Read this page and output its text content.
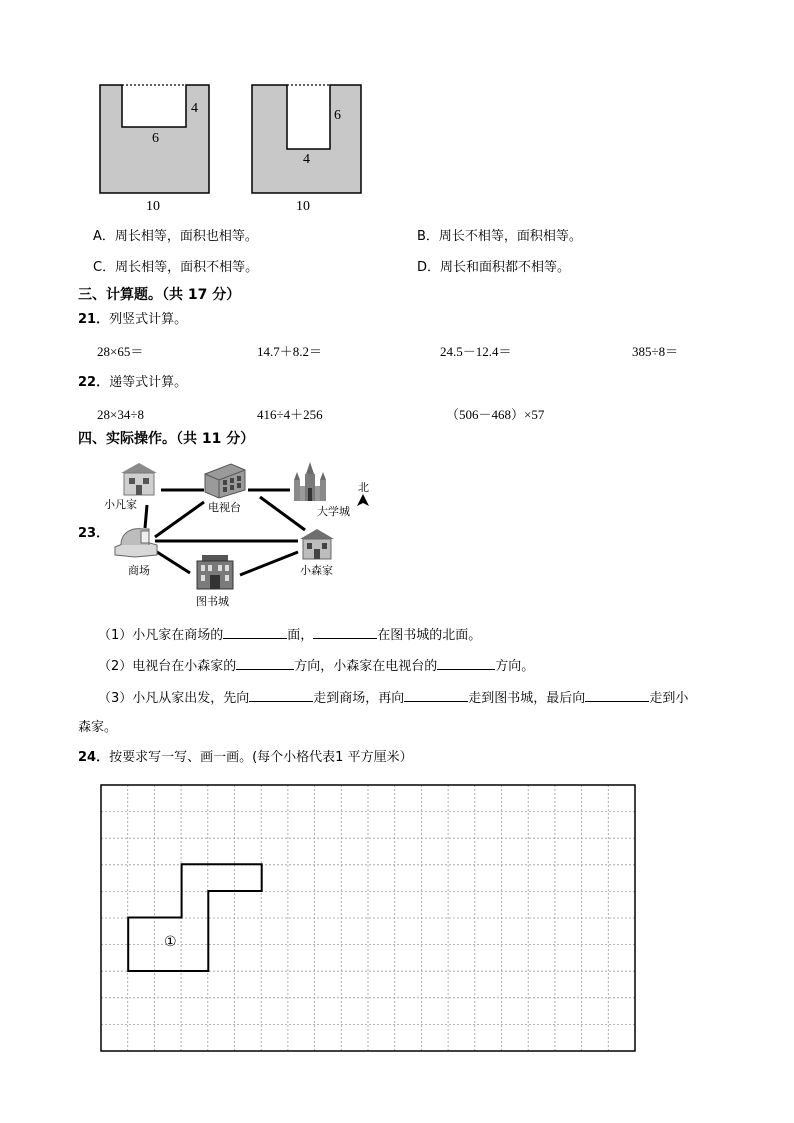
4
6
10
6
4
10
A．周长相等，面积也相等。	B．周长不相等，面积相等。
C．周长相等，面积不相等。	D．周长和面积都不相等。
三、计算题。（共 17 分）
21．列竖式计算。
28×65＝	14.7＋8.2＝	24.5－12.4＝	385÷8＝
22．递等式计算。
28×34÷8	416÷4＋256	（506－468）×57
四、实际操作。（共 11 分）
23．
小凡家	电视台	大学城
商场	小森家
图书城
北
（1）小凡家在商场的	面，	在图书城的北面。
（2）电视台在小森家的	方向，小森家在电视台的	方向。
（3）小凡从家出发，先向	走到商场，再向	走到图书城，最后向	走到小
森家。
24．按要求写一写、画一画。(每个小格代表1 平方厘米）
①
